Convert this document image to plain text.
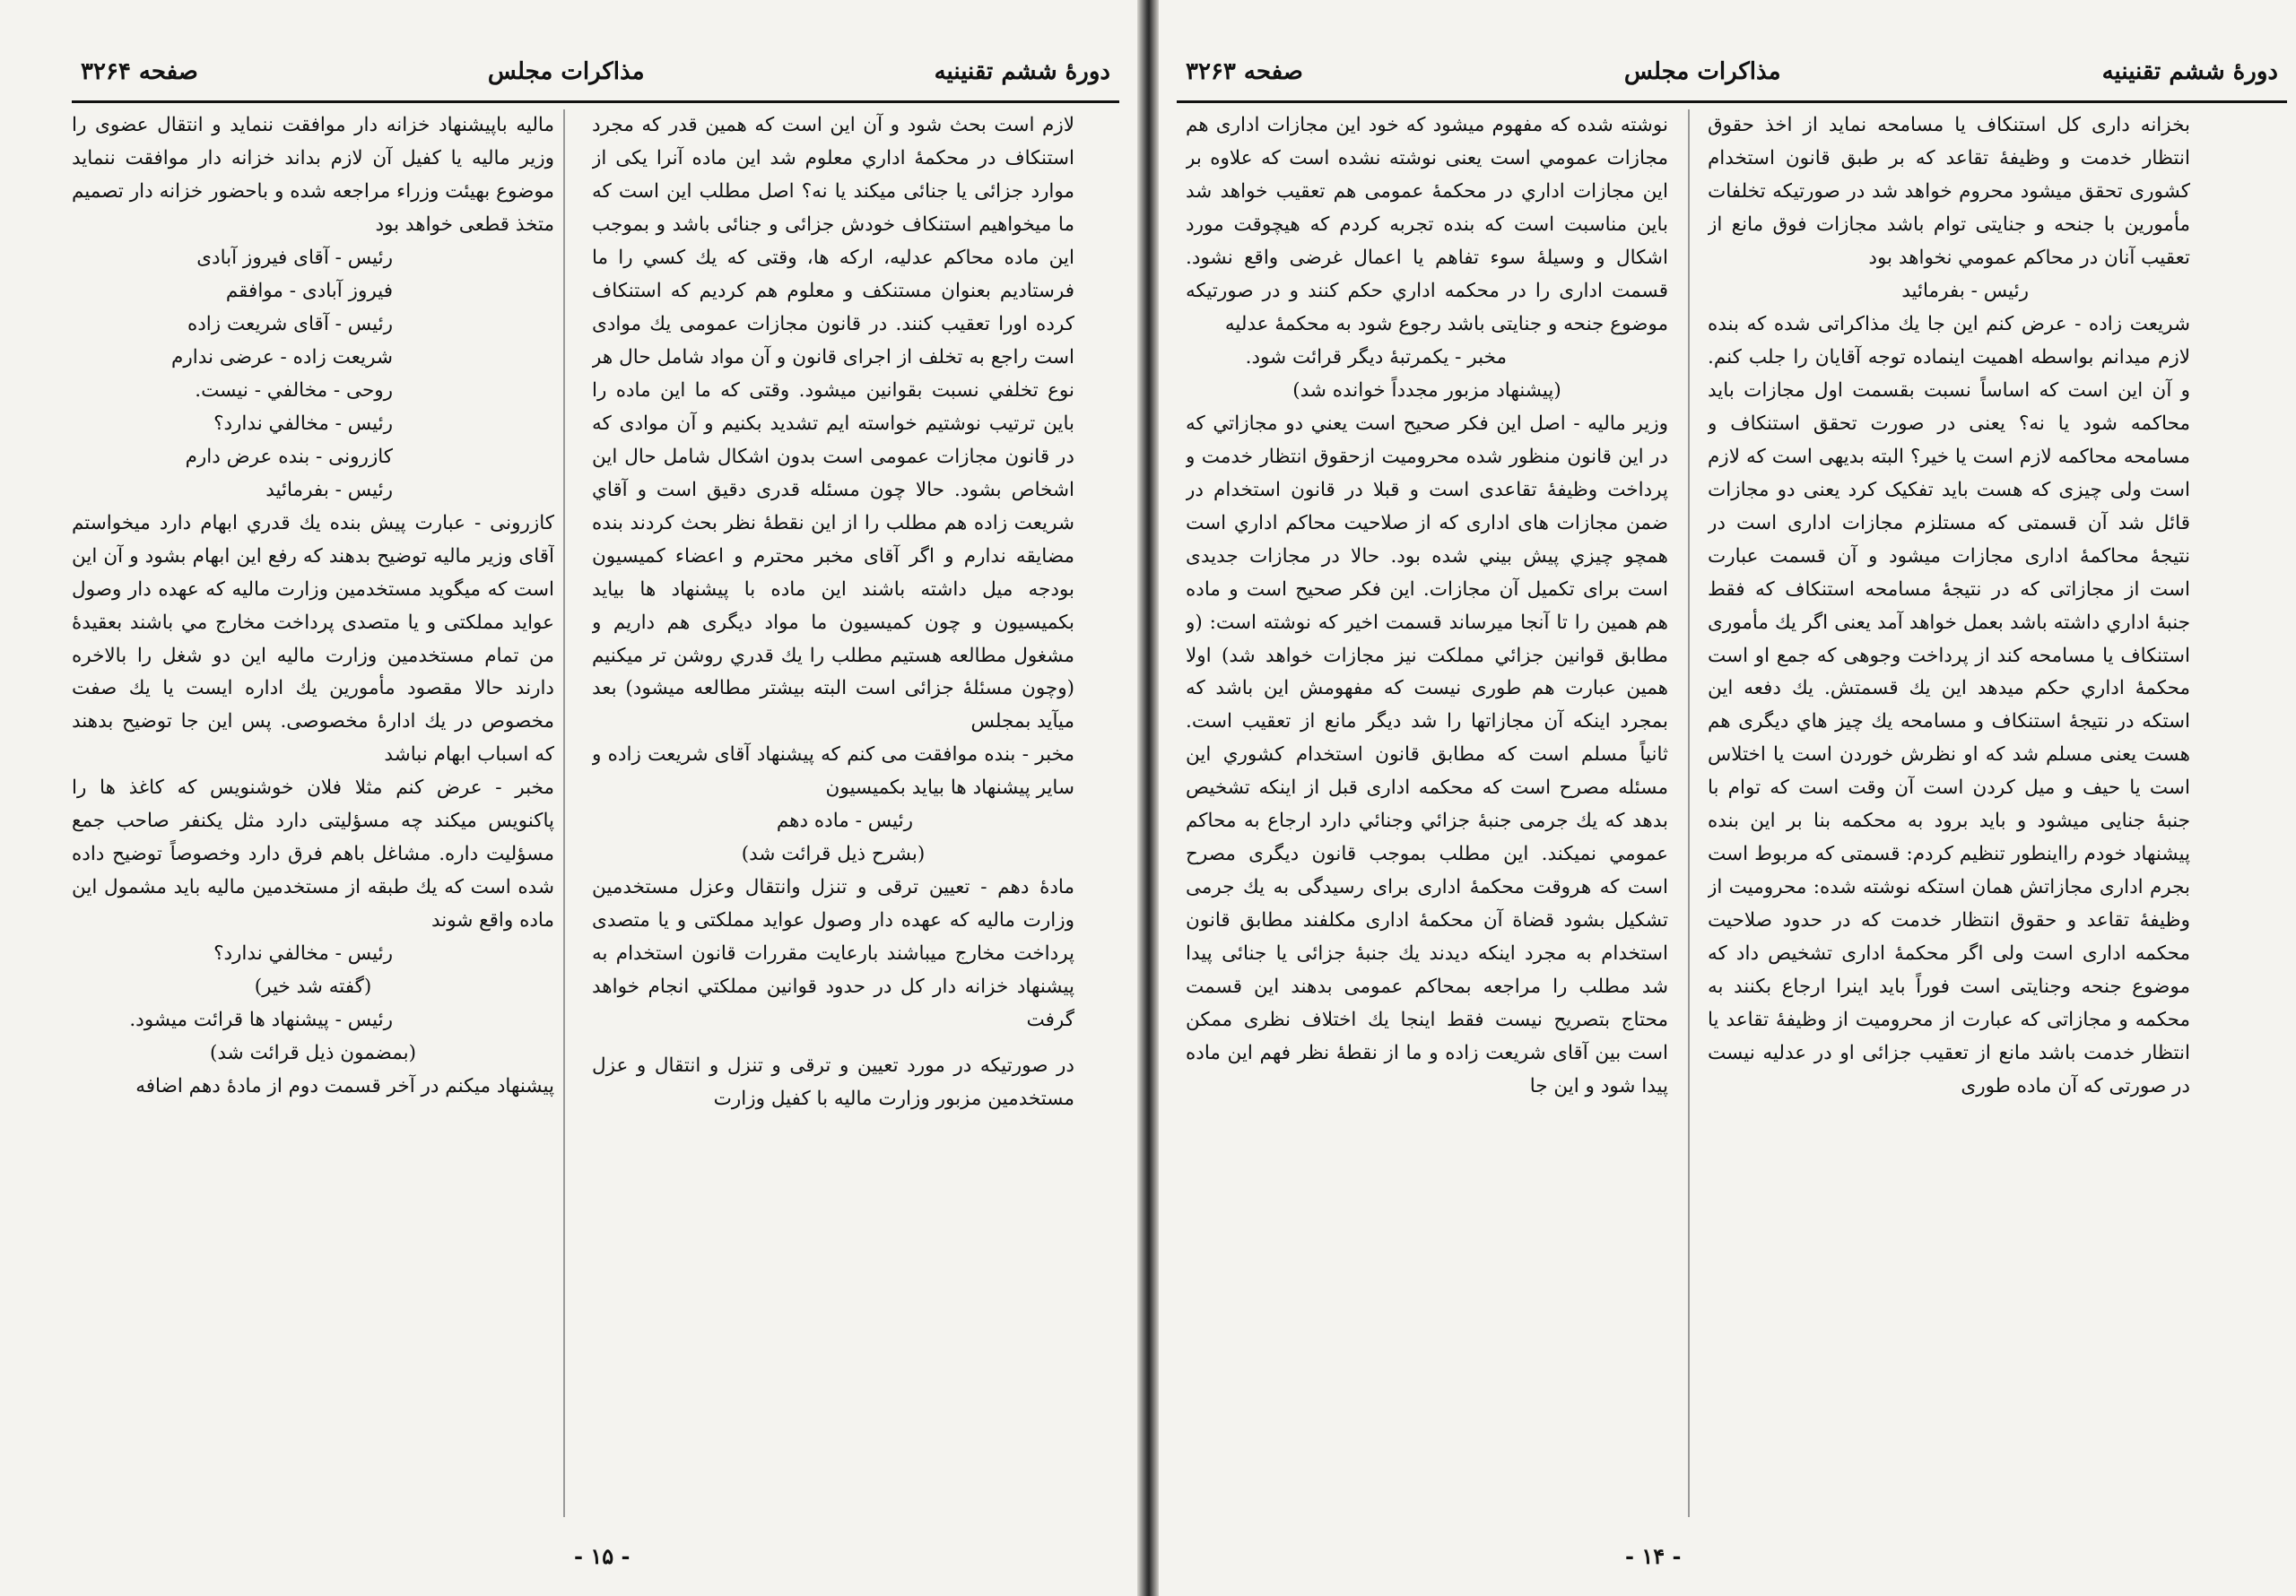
دورهٔ ششم تقنینیه
مذاکرات مجلس
صفحه ۳۲۶۴

لازم است بحث شود و آن این است که همین قدر که مجرد استنکاف در محکمهٔ اداري معلوم شد این ماده آنرا یکی از موارد جزائی یا جنائی میکند یا نه؟ اصل مطلب این است که ما میخواهیم استنکاف خودش جزائی و جنائی باشد و بموجب این ماده محاکم عدلیه، ارکه ها، وقتی که یك کسي را ما فرستادیم بعنوان مستنکف و معلوم هم کردیم که استنکاف کرده اورا تعقیب کنند. در قانون مجازات عمومی یك موادی است راجع به تخلف از اجرای قانون و آن مواد شامل حال هر نوع تخلفي نسبت بقوانین میشود. وقتی که ما این ماده را باین ترتیب نوشتیم خواسته ایم تشدید بکنیم و آن موادی که در قانون مجازات عمومی است بدون اشکال شامل حال این اشخاص بشود. حالا چون مسئله قدری دقیق است و آقاي شریعت زاده هم مطلب را از این نقطهٔ نظر بحث کردند بنده مضایقه ندارم و اگر آقای مخبر محترم و اعضاء کمیسیون بودجه میل داشته باشند این ماده با پیشنهاد ها بیاید بکمیسیون و چون کمیسیون ما مواد دیگری هم داریم و مشغول مطالعه هستیم مطلب را یك قدري روشن تر میکنیم (وچون مسئلهٔ جزائی است البته بیشتر مطالعه میشود) بعد میآید بمجلس

مخبر - بنده موافقت می کنم که پیشنهاد آقای شریعت زاده و سایر پیشنهاد ها بیاید بکمیسیون

رئیس - ماده دهم

(بشرح ذیل قرائت شد)

مادهٔ دهم - تعیین ترقی و تنزل وانتقال وعزل مستخدمین وزارت مالیه که عهده دار وصول عواید مملکتی و یا متصدی پرداخت مخارج میباشند بارعایت مقررات قانون استخدام به پیشنهاد خزانه دار کل در حدود قوانین مملکتي انجام خواهد گرفت

در صورتیکه در مورد تعیین و ترقی و تنزل و انتقال و عزل مستخدمین مزبور وزارت مالیه با کفیل وزارت

مالیه باپیشنهاد خزانه دار موافقت ننماید و انتقال عضوی را وزیر مالیه یا کفیل آن لازم بداند خزانه دار موافقت ننماید موضوع بهیئت وزراء مراجعه شده و باحضور خزانه دار تصمیم متخذ قطعی خواهد بود

رئیس - آقای فیروز آبادی

فیروز آبادی - موافقم

رئیس - آقای شریعت زاده

شریعت زاده - عرضی ندارم

روحی - مخالفي - نیست.

رئیس - مخالفي ندارد؟

کازرونی - بنده عرض دارم

رئیس - بفرمائید

کازرونی - عبارت پیش بنده یك قدري ابهام دارد میخواستم آقای وزیر مالیه توضیح بدهند که رفع این ابهام بشود و آن این است که میگوید مستخدمین وزارت مالیه که عهده دار وصول عواید مملکتی و یا متصدی پرداخت مخارج مي باشند بعقیدهٔ من تمام مستخدمین وزارت مالیه این دو شغل را بالاخره دارند حالا مقصود مأمورین یك اداره ایست یا یك صفت مخصوص در یك ادارهٔ مخصوصی. پس این جا توضیح بدهند که اسباب ابهام نباشد

مخبر - عرض کنم مثلا فلان خوشنویس که کاغذ ها را پاکنویس میکند چه مسؤلیتی دارد مثل یکنفر صاحب جمع مسؤلیت داره. مشاغل باهم فرق دارد وخصوصاً توضیح داده شده است که یك طبقه از مستخدمین مالیه باید مشمول این ماده واقع شوند

رئیس - مخالفي ندارد؟

(گفته شد خیر)

رئیس - پیشنهاد ها قرائت میشود.

(بمضمون ذیل قرائت شد)

پیشنهاد میکنم در آخر قسمت دوم از مادهٔ دهم اضافه

- ۱۵ -
دورهٔ ششم تقنینیه
مذاکرات مجلس
صفحه ۳۲۶۳

بخزانه داری کل استنکاف یا مسامحه نماید از اخذ حقوق انتظار خدمت و وظیفهٔ تقاعد که بر طبق قانون استخدام کشوری تحقق میشود محروم خواهد شد در صورتیکه تخلفات مأمورین با جنحه و جنایتی توام باشد مجازات فوق مانع از تعقیب آنان در محاکم عمومي نخواهد بود

رئیس - بفرمائید

شریعت زاده - عرض کنم این جا یك مذاکراتی شده که بنده لازم میدانم بواسطه اهمیت اینماده توجه آقایان را جلب کنم. و آن این است که اساساً نسبت بقسمت اول مجازات باید محاکمه شود یا نه؟ یعنی در صورت تحقق استنکاف و مسامحه محاکمه لازم است یا خیر؟ البته بدیهی است که لازم است ولی چیزی که هست باید تفکیک کرد یعنی دو مجازات قائل شد آن قسمتی که مستلزم مجازات اداری است در نتیجهٔ محاکمهٔ اداری مجازات میشود و آن قسمت عبارت است از مجازاتی که در نتیجهٔ مسامحه استنکاف که فقط جنبهٔ اداري داشته باشد بعمل خواهد آمد یعنی اگر یك مأموری استنکاف یا مسامحه کند از پرداخت وجوهی که جمع او است محکمهٔ اداري حکم میدهد این یك قسمتش. یك دفعه این استکه در نتیجهٔ استنکاف و مسامحه یك چیز هاي دیگری هم هست یعنی مسلم شد که او نظرش خوردن است یا اختلاس است یا حیف و میل کردن است آن وقت است که توام با جنبهٔ جنایی میشود و باید برود به محکمه بنا بر این بنده پیشنهاد خودم رااینطور تنظیم کردم: قسمتی که مربوط است بجرم اداری مجازاتش همان استکه نوشته شده: محرومیت از وظیفهٔ تقاعد و حقوق انتظار خدمت که در حدود صلاحیت محکمه اداری است ولی اگر محکمهٔ اداری تشخیص داد که موضوع جنحه وجنایتی است فوراً باید اینرا ارجاع بکنند به محکمه و مجازاتی که عبارت از محرومیت از وظیفهٔ تقاعد یا انتظار خدمت باشد مانع از تعقیب جزائی او در عدلیه نیست در صورتی که آن ماده طوری

نوشته شده که مفهوم میشود که خود این مجازات اداری هم مجازات عمومي است یعنی نوشته نشده است که علاوه بر این مجازات اداري در محکمهٔ عمومی هم تعقیب خواهد شد باین مناسبت است که بنده تجربه کردم که هیچوقت مورد اشکال و وسیلهٔ سوء تفاهم یا اعمال غرضی واقع نشود. قسمت اداری را در محکمه اداري حکم کنند و در صورتیکه موضوع جنحه و جنایتی باشد رجوع شود به محکمهٔ عدلیه

مخبر - یکمرتبهٔ دیگر قرائت شود.

(پیشنهاد مزبور مجدداً خوانده شد)

وزیر مالیه - اصل این فکر صحیح است یعني دو مجازاتي که در این قانون منظور شده محرومیت ازحقوق انتظار خدمت و پرداخت وظیفهٔ تقاعدی است و قبلا در قانون استخدام در ضمن مجازات های اداری که از صلاحیت محاکم اداري است همچو چیزي پیش بیني شده بود. حالا در مجازات جدیدی است برای تکمیل آن مجازات. این فکر صحیح است و ماده هم همین را تا آنجا میرساند قسمت اخیر که نوشته است: (و مطابق قوانین جزائي مملکت نیز مجازات خواهد شد) اولا همین عبارت هم طوری نیست که مفهومش این باشد که بمجرد اینکه آن مجازاتها را شد دیگر مانع از تعقیب است. ثانياً مسلم است که مطابق قانون استخدام کشوري این مسئله مصرح است که محکمه اداری قبل از اینکه تشخیص بدهد که یك جرمی جنبهٔ جزائي وجنائي دارد ارجاع به محاکم عمومي نمیکند. این مطلب بموجب قانون دیگری مصرح است که هروقت محکمهٔ اداری برای رسیدگی به یك جرمی تشکیل بشود قضاة آن محکمهٔ اداری مکلفند مطابق قانون استخدام به مجرد اینکه دیدند یك جنبهٔ جزائی یا جنائی پیدا شد مطلب را مراجعه بمحاکم عمومی بدهند این قسمت محتاج بتصریح نیست فقط اینجا یك اختلاف نظری ممکن است بین آقای شریعت زاده و ما از نقطهٔ نظر فهم این ماده پیدا شود و این جا

- ۱۴ -
